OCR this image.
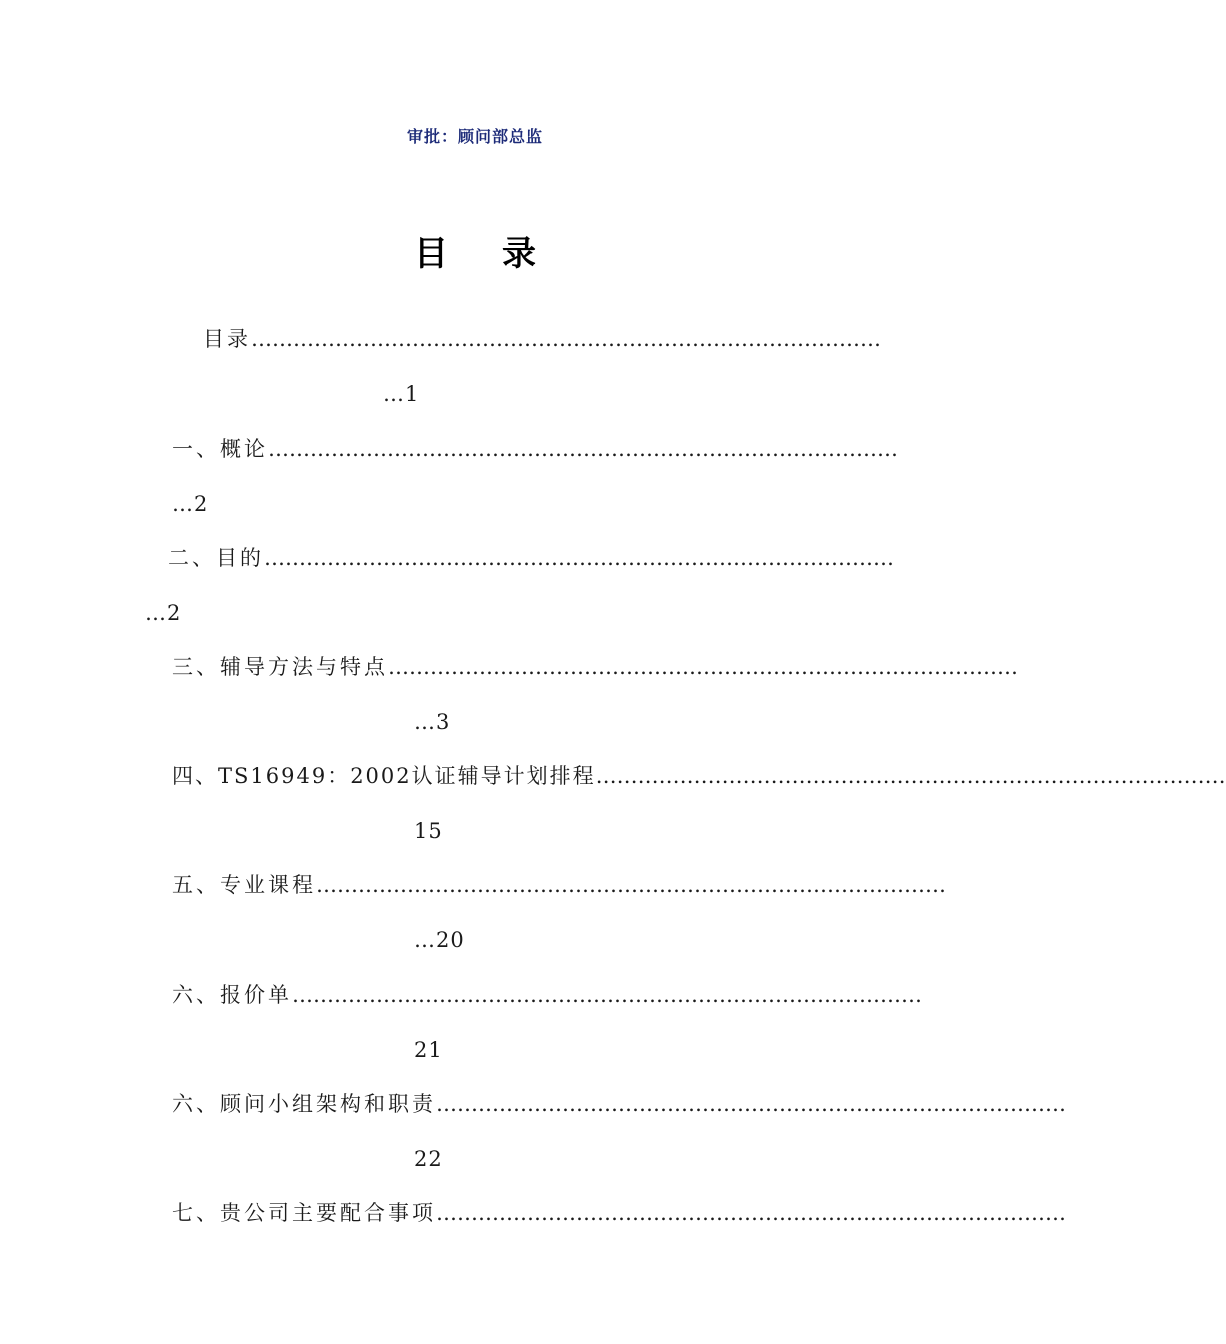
审批：顾问部总监
目录
目录………………………………………………………………………………
…1
一、概论………………………………………………………………………………
…2
二、目的………………………………………………………………………………
…2
三、辅导方法与特点………………………………………………………………………………
…3
四、TS16949：2002认证辅导计划排程………………………………………………………………………………
15
五、专业课程………………………………………………………………………………
…20
六、报价单………………………………………………………………………………
21
六、顾问小组架构和职责………………………………………………………………………………
22
七、贵公司主要配合事项………………………………………………………………………………
